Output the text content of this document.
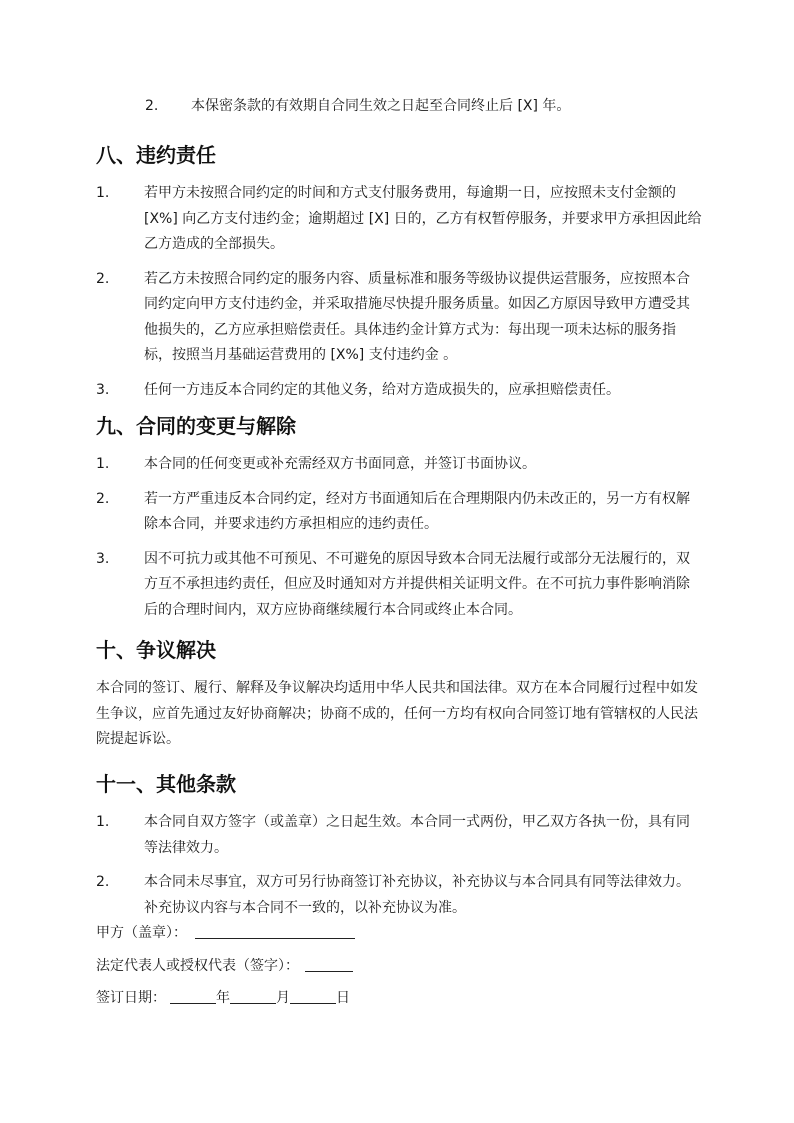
2. 本保密条款的有效期自合同生效之日起至合同终止后 [X] 年。
八、违约责任
1. 若甲方未按照合同约定的时间和方式支付服务费用，每逾期一日，应按照未支付金额的 [X%] 向乙方支付违约金；逾期超过 [X] 日的，乙方有权暂停服务，并要求甲方承担因此给乙方造成的全部损失。
2. 若乙方未按照合同约定的服务内容、质量标准和服务等级协议提供运营服务，应按照本合同约定向甲方支付违约金，并采取措施尽快提升服务质量。如因乙方原因导致甲方遭受其他损失的，乙方应承担赔偿责任。具体违约金计算方式为：每出现一项未达标的服务指标，按照当月基础运营费用的 [X%] 支付违约金 。
3. 任何一方违反本合同约定的其他义务，给对方造成损失的，应承担赔偿责任。
九、合同的变更与解除
1. 本合同的任何变更或补充需经双方书面同意，并签订书面协议。
2. 若一方严重违反本合同约定，经对方书面通知后在合理期限内仍未改正的，另一方有权解除本合同，并要求违约方承担相应的违约责任。
3. 因不可抗力或其他不可预见、不可避免的原因导致本合同无法履行或部分无法履行的，双方互不承担违约责任，但应及时通知对方并提供相关证明文件。在不可抗力事件影响消除后的合理时间内，双方应协商继续履行本合同或终止本合同。
十、争议解决
本合同的签订、履行、解释及争议解决均适用中华人民共和国法律。双方在本合同履行过程中如发生争议，应首先通过友好协商解决；协商不成的，任何一方均有权向合同签订地有管辖权的人民法院提起诉讼。
十一、其他条款
1. 本合同自双方签字（或盖章）之日起生效。本合同一式两份，甲乙双方各执一份，具有同等法律效力。
2. 本合同未尽事宜，双方可另行协商签订补充协议，补充协议与本合同具有同等法律效力。补充协议内容与本合同不一致的，以补充协议为准。
甲方（盖章）：
法定代表人或授权代表（签字）：
签订日期：	年	月	日
